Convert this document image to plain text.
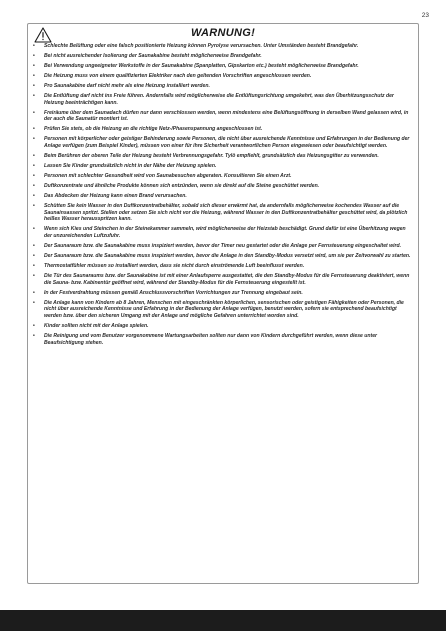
23
WARNUNG!
• Schlechte Belüftung oder eine falsch positionierte Heizung können Pyrolyse verursachen. Unter Umständen besteht Brandgefahr.
• Bei nicht ausreichender Isolierung der Saunakabine besteht möglicherweise Brandgefahr.
• Bei Verwendung ungeeigneter Werkstoffe in der Saunakabine (Spanplatten, Gipskarton etc.) besteht möglicherweise Brandgefahr.
• Die Heizung muss von einem qualifizierten Elektriker nach den geltenden Vorschriften angeschlossen werden.
• Pro Saunakabine darf nicht mehr als eine Heizung installiert werden.
• Die Entlüftung darf nicht ins Freie führen. Andernfalls wird möglicherweise die Entlüftungsrichtung umgekehrt, was den Überhitzungsschutz der Heizung beeinträchtigen kann.
• Freiräume über dem Saunadach dürfen nur dann verschlossen werden, wenn mindestens eine Belüftungsöffnung in derselben Wand gelassen wird, in der auch die Saunatür montiert ist.
• Prüfen Sie stets, ob die Heizung an die richtige Netz-/Phasenspannung angeschlossen ist.
• Personen mit körperlicher oder geistiger Behinderung sowie Personen, die nicht über ausreichende Kenntnisse und Erfahrungen in der Bedienung der Anlage verfügen (zum Beispiel Kinder), müssen von einer für ihre Sicherheit verantwortlichen Person eingewiesen oder beaufsichtigt werden.
• Beim Berühren der oberen Teile der Heizung besteht Verbrennungsgefahr. Tylö empfiehlt, grundsätzlich das Heizungsgitter zu verwenden.
• Lassen Sie Kinder grundsätzlich nicht in der Nähe der Heizung spielen.
• Personen mit schlechter Gesundheit wird von Saunabesuchen abgeraten. Konsultieren Sie einen Arzt.
• Duftkonzentrate und ähnliche Produkte können sich entzünden, wenn sie direkt auf die Steine geschüttet werden.
• Das Abdecken der Heizung kann einen Brand verursachen.
• Schütten Sie kein Wasser in den Duftkonzentratbehälter, sobald sich dieser erwärmt hat, da andernfalls möglicherweise kochendes Wasser auf die Saunainsassen spritzt. Stellen oder setzen Sie sich nicht vor die Heizung, während Wasser in den Duftkonzentratbehälter geschüttet wird, da plötzlich heißes Wasser herausspritzen kann.
• Wenn sich Kies und Steinchen in der Steinekammer sammeln, wird möglicherweise der Heizstab beschädigt. Grund dafür ist eine Überhitzung wegen der unzureichenden Luftzufuhr.
• Der Saunaraum bzw. die Saunakabine muss inspiziert werden, bevor der Timer neu gestartet oder die Anlage per Fernsteuerung eingeschaltet wird.
• Der Saunaraum bzw. die Saunakabine muss inspiziert werden, bevor die Anlage in den Standby-Modus versetzt wird, um sie per Zeitvorwahl zu starten.
• Thermostatfühler müssen so installiert werden, dass sie nicht durch einströmende Luft beeinflusst werden.
• Die Tür des Saunaraums bzw. der Saunakabine ist mit einer Anlaufsperre ausgestattet, die den Standby-Modus für die Fernsteuerung deaktiviert, wenn die Sauna- bzw. Kabinentür geöffnet wird, während der Standby-Modus für die Fernsteuerung eingestellt ist.
• In der Festverdrahtung müssen gemäß Anschlussvorschriften Vorrichtungen zur Trennung eingebaut sein.
• Die Anlage kann von Kindern ab 8 Jahren, Menschen mit eingeschränkten körperlichen, sensorischen oder geistigen Fähigkeiten oder Personen, die nicht über ausreichende Kenntnisse und Erfahrung in der Bedienung der Anlage verfügen, benutzt werden, sofern sie entsprechend beaufsichtigt werden bzw. über den sicheren Umgang mit der Anlage und mögliche Gefahren unterrichtet worden sind.
• Kinder sollten nicht mit der Anlage spielen.
• Die Reinigung und vom Benutzer vorgenommene Wartungsarbeiten sollten nur dann von Kindern durchgeführt werden, wenn diese unter Beaufsichtigung stehen.
